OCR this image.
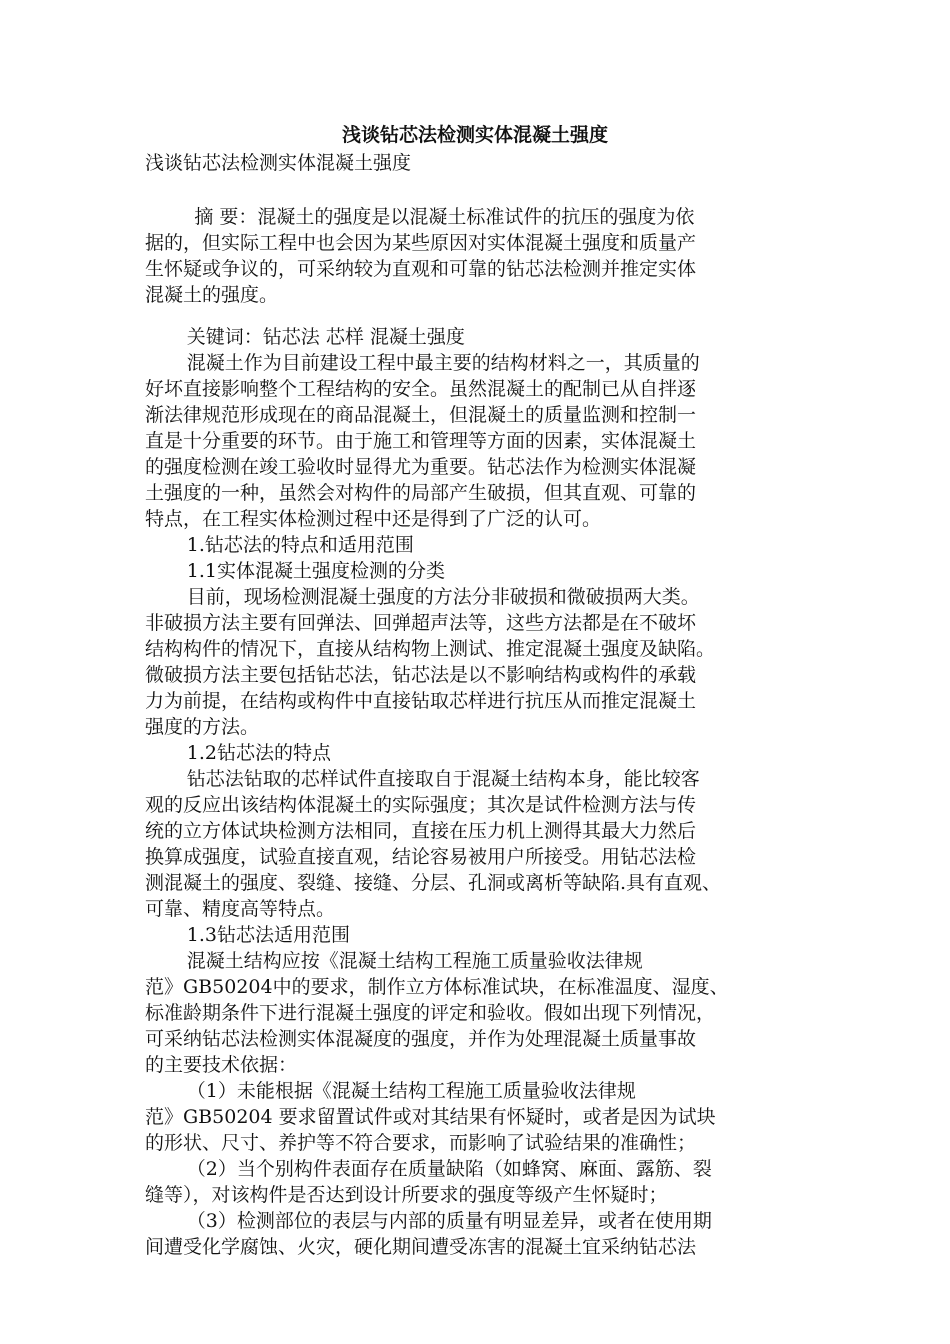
浅谈钻芯法检测实体混凝土强度
浅谈钻芯法检测实体混凝土强度
摘 要：混凝土的强度是以混凝土标准试件的抗压的强度为依
据的，但实际工程中也会因为某些原因对实体混凝土强度和质量产
生怀疑或争议的，可采纳较为直观和可靠的钻芯法检测并推定实体
混凝土的强度。
关键词：钻芯法 芯样 混凝土强度
混凝土作为目前建设工程中最主要的结构材料之一，其质量的
好坏直接影响整个工程结构的安全。虽然混凝土的配制已从自拌逐
渐法律规范形成现在的商品混凝土，但混凝土的质量监测和控制一
直是十分重要的环节。由于施工和管理等方面的因素，实体混凝土
的强度检测在竣工验收时显得尤为重要。钻芯法作为检测实体混凝
土强度的一种，虽然会对构件的局部产生破损，但其直观、可靠的
特点，在工程实体检测过程中还是得到了广泛的认可。
1.钻芯法的特点和适用范围
1.1实体混凝土强度检测的分类
目前，现场检测混凝土强度的方法分非破损和微破损两大类。
非破损方法主要有回弹法、回弹超声法等，这些方法都是在不破坏
结构构件的情况下，直接从结构物上测试、推定混凝土强度及缺陷。
微破损方法主要包括钻芯法，钻芯法是以不影响结构或构件的承载
力为前提，在结构或构件中直接钻取芯样进行抗压从而推定混凝土
强度的方法。
1.2钻芯法的特点
钻芯法钻取的芯样试件直接取自于混凝土结构本身，能比较客
观的反应出该结构体混凝土的实际强度；其次是试件检测方法与传
统的立方体试块检测方法相同，直接在压力机上测得其最大力然后
换算成强度，试验直接直观，结论容易被用户所接受。用钻芯法检
测混凝土的强度、裂缝、接缝、分层、孔洞或离析等缺陷.具有直观、
可靠、精度高等特点。
1.3钻芯法适用范围
混凝土结构应按《混凝土结构工程施工质量验收法律规
范》GB50204中的要求，制作立方体标准试块，在标准温度、湿度、
标准龄期条件下进行混凝土强度的评定和验收。假如出现下列情况，
可采纳钻芯法检测实体混凝度的强度，并作为处理混凝土质量事故
的主要技术依据：
（1）未能根据《混凝土结构工程施工质量验收法律规
范》GB50204 要求留置试件或对其结果有怀疑时，或者是因为试块
的形状、尺寸、养护等不符合要求，而影响了试验结果的准确性；
（2）当个别构件表面存在质量缺陷（如蜂窝、麻面、露筋、裂
缝等），对该构件是否达到设计所要求的强度等级产生怀疑时；
（3）检测部位的表层与内部的质量有明显差异，或者在使用期
间遭受化学腐蚀、火灾，硬化期间遭受冻害的混凝土宜采纳钻芯法
